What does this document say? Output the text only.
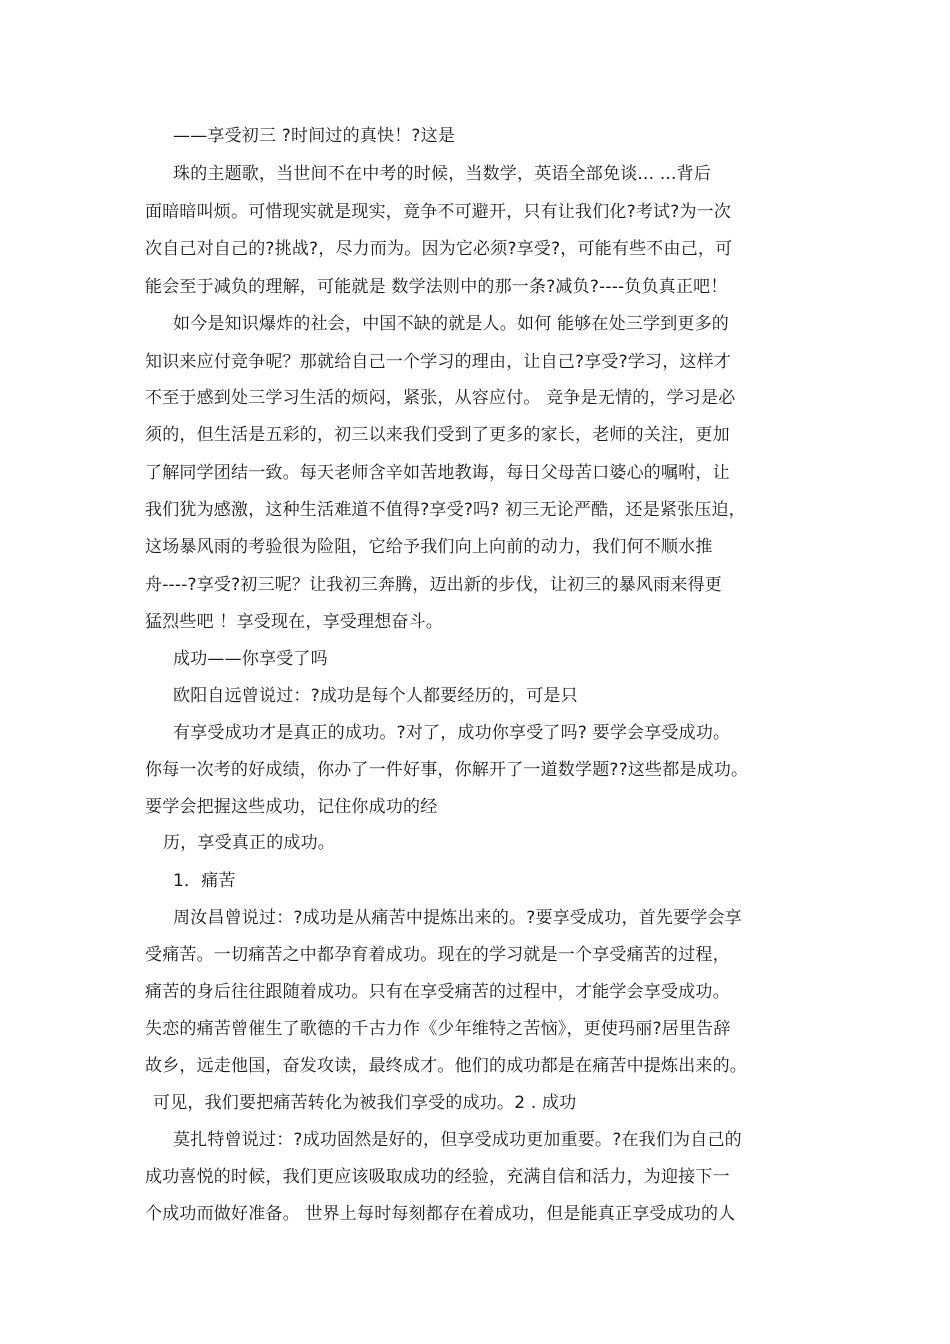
——享受初三 ?时间过的真快！?这是
珠的主题歌，当世间不在中考的时候，当数学，英语全部免谈... ...背后
面暗暗叫烦。可惜现实就是现实，竟争不可避开，只有让我们化?考试?为一次
次自己对自己的?挑战?，尽力而为。因为它必须?享受?，可能有些不由己，可
能会至于减负的理解，可能就是 数学法则中的那一条?减负?----负负真正吧！
如今是知识爆炸的社会，中国不缺的就是人。如何 能够在处三学到更多的
知识来应付竞争呢？那就给自己一个学习的理由，让自己?享受?学习，这样才
不至于感到处三学习生活的烦闷，紧张，从容应付。 竞争是无情的，学习是必
须的，但生活是五彩的，初三以来我们受到了更多的家长，老师的关注，更加
了解同学团结一致。每天老师含辛如苦地教诲，每日父母苦口婆心的嘱咐，让
我们犹为感激，这种生活难道不值得?享受?吗? 初三无论严酷，还是紧张压迫，
这场暴风雨的考验很为险阻，它给予我们向上向前的动力，我们何不顺水推
舟----?享受?初三呢？让我初三奔腾，迈出新的步伐，让初三的暴风雨来得更
猛烈些吧 ！享受现在，享受理想奋斗。
成功——你享受了吗
欧阳自远曾说过：?成功是每个人都要经历的，可是只
有享受成功才是真正的成功。?对了，成功你享受了吗? 要学会享受成功。
你每一次考的好成绩，你办了一件好事，你解开了一道数学题??这些都是成功。
要学会把握这些成功，记住你成功的经
历，享受真正的成功。
1．痛苦
周汝昌曾说过：?成功是从痛苦中提炼出来的。?要享受成功，首先要学会享
受痛苦。一切痛苦之中都孕育着成功。现在的学习就是一个享受痛苦的过程，
痛苦的身后往往跟随着成功。只有在享受痛苦的过程中，才能学会享受成功。
失恋的痛苦曾催生了歌德的千古力作《少年维特之苦恼》，更使玛丽?居里告辞
故乡，远走他国，奋发攻读，最终成才。他们的成功都是在痛苦中提炼出来的。
可见，我们要把痛苦转化为被我们享受的成功。2 . 成功
莫扎特曾说过：?成功固然是好的，但享受成功更加重要。?在我们为自己的
成功喜悦的时候，我们更应该吸取成功的经验，充满自信和活力，为迎接下一
个成功而做好准备。 世界上每时每刻都存在着成功，但是能真正享受成功的人
